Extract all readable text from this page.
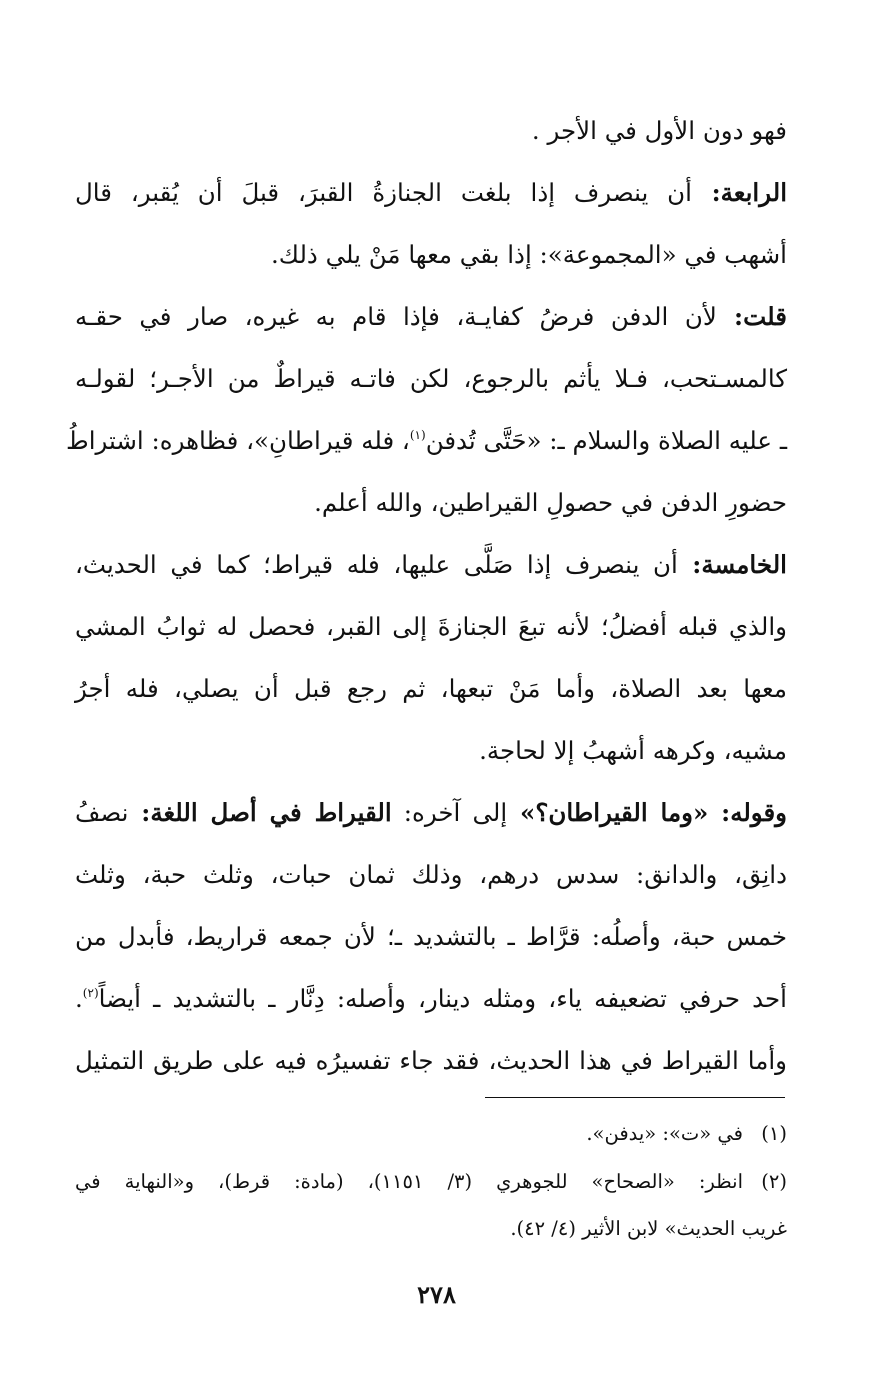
فهو دون الأول في الأجر .
الرابعة: أن ينصرف إذا بلغت الجنازةُ القبرَ، قبلَ أن يُقبر، قال
أشهب في «المجموعة»: إذا بقي معها مَنْ يلي ذلك.
قلت: لأن الدفن فرضُ كفايـة، فإذا قام به غيره، صار في حقـه
كالمسـتحب، فـلا يأثم بالرجوع، لكن فاتـه قيراطٌ من الأجـر؛ لقولـه
ـ عليه الصلاة والسلام ـ: «حَتَّى تُدفن$^{(١)}$، فله قيراطانِ»، فظاهره: اشتراطُ
حضورِ الدفن في حصولِ القيراطين، والله أعلم.
الخامسة: أن ينصرف إذا صَلَّى عليها، فله قيراط؛ كما في الحديث،
والذي قبله أفضلُ؛ لأنه تبعَ الجنازةَ إلى القبر، فحصل له ثوابُ المشي
معها بعد الصلاة، وأما مَنْ تبعها، ثم رجع قبل أن يصلي، فله أجرُ
مشيه، وكرهه أشهبُ إلا لحاجة.
وقوله: «وما القيراطان؟» إلى آخره: القيراط في أصل اللغة: نصفُ
دانِق، والدانق: سدس درهم، وذلك ثمان حبات، وثلث حبة، وثلث
خمس حبة، وأصلُه: قرَّاط ـ بالتشديد ـ؛ لأن جمعه قراريط، فأبدل من
أحد حرفي تضعيفه ياء، ومثله دينار، وأصله: دِنَّار ـ بالتشديد ـ أيضاً$^{(٢)}$.
وأما القيراط في هذا الحديث، فقد جاء تفسيرُه فيه على طريق التمثيل
(١)في «ت»: «يدفن».
(٢)انظر: «الصحاح» للجوهري (٣/ ١١٥١)، (مادة: قرط)، و«النهاية في
غريب الحديث» لابن الأثير (٤/ ٤٢).
٢٧٨
